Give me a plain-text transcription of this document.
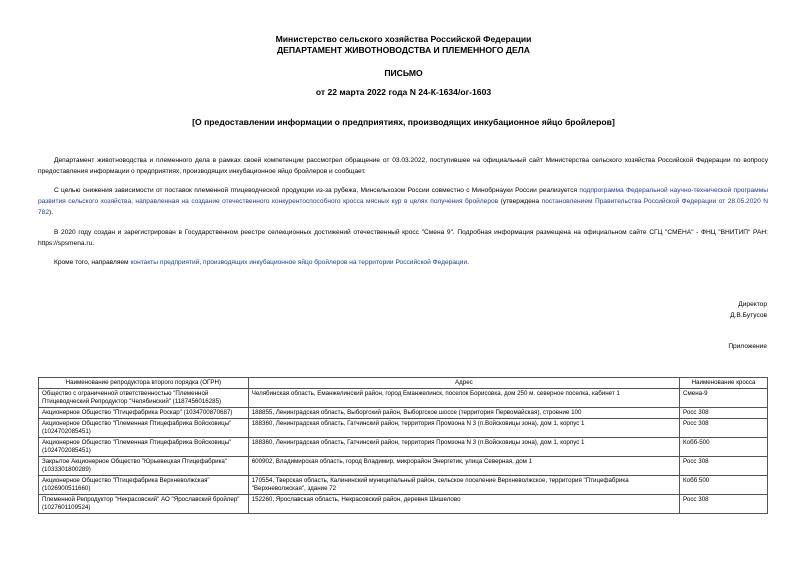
Министерство сельского хозяйства Российской Федерации
ДЕПАРТАМЕНТ ЖИВОТНОВОДСТВА И ПЛЕМЕННОГО ДЕЛА
ПИСЬМО
от 22 марта 2022 года N 24-К-1634/ог-1603
[О предоставлении информации о предприятиях, производящих инкубационное яйцо бройлеров]
Департамент животноводства и племенного дела в рамках своей компетенции рассмотрел обращение от 03.03.2022, поступившее на официальный сайт Министерства сельского хозяйства Российской Федерации по вопросу предоставления информации о предприятиях, производящих инкубационное яйцо бройлеров и сообщает.
С целью снижения зависимости от поставок племенной птицеводческой продукции из-за рубежа, Минсельхозом России совместно с Минобрнауки России реализуется подпрограмма Федеральной научно-технической программы развития сельского хозяйства, направленная на создание отечественного конкурентоспособного кросса мясных кур в целях получения бройлеров (утверждена постановлением Правительства Российской Федерации от 28.05.2020 N 782).
В 2020 году создан и зарегистрирован в Государственном реестре селекционных достижений отечественный кросс "Смена 9". Подробная информация размещена на официальном сайте СГЦ "СМЕНА" - ФНЦ "ВНИТИП" РАН: https://spsmena.ru.
Кроме того, направляем контакты предприятий, производящих инкубационное яйцо бройлеров на территории Российской Федерации.
Директор
Д.В.Бутусов
Приложение
Наименование репродуктора второго порядка (ОГРН)	Адрес	Наименование кросса
Общество с ограниченной ответственностью "Племенной Птицеводческий Репродуктор "Челябинский" (1187456016285)	Челябинская область, Еманжелинский район, город Еманжелинск, поселок Борисовка, дом 250 м. северное поселка, кабинет 1	Смена-9
Акционерное Общество "Птицефабрика Роскар" (1034700870687)	188855, Ленинградская область, Выборгский район, Выборгское шоссе (территория Первомайская), строение 100	Росс 308
Акционерное Общество "Племенная Птицефабрика Войсковицы" (1024702085451)	188360, Ленинградская область, Гатчинский район, территория Промзона N 3 (п.Войсковицы зона), дом 1, корпус 1	Росс 308
Акционерное Общество "Племенная Птицефабрика Войсковицы" (1024702085451)	188360, Ленинградская область, Гатчинский район, территория Промзона N 3 (п.Войсковицы зона), дом 1, корпус 1	Кобб-500
Закрытое Акционерное Общество "Юрьевецкая Птицефабрика" (1033301800289)	600902, Владимирская область, город Владимир, микрорайон Энергетик, улица Северная, дом 1	Росс 308
Акционерное Общество "Птицефабрика Верхневолжская" (1026900511660)	170554, Тверская область, Калининский муниципальный район, сельское поселение Верхневолжское, территория "Птицефабрика "Верхневолжская", здание 72	Кобб 500
Племенной Репродуктор "Некрасовский" АО "Ярославский бройлер" (1027601109524)	152260, Ярославская область, Некрасовский район, деревня Шишелово	Росс 308
